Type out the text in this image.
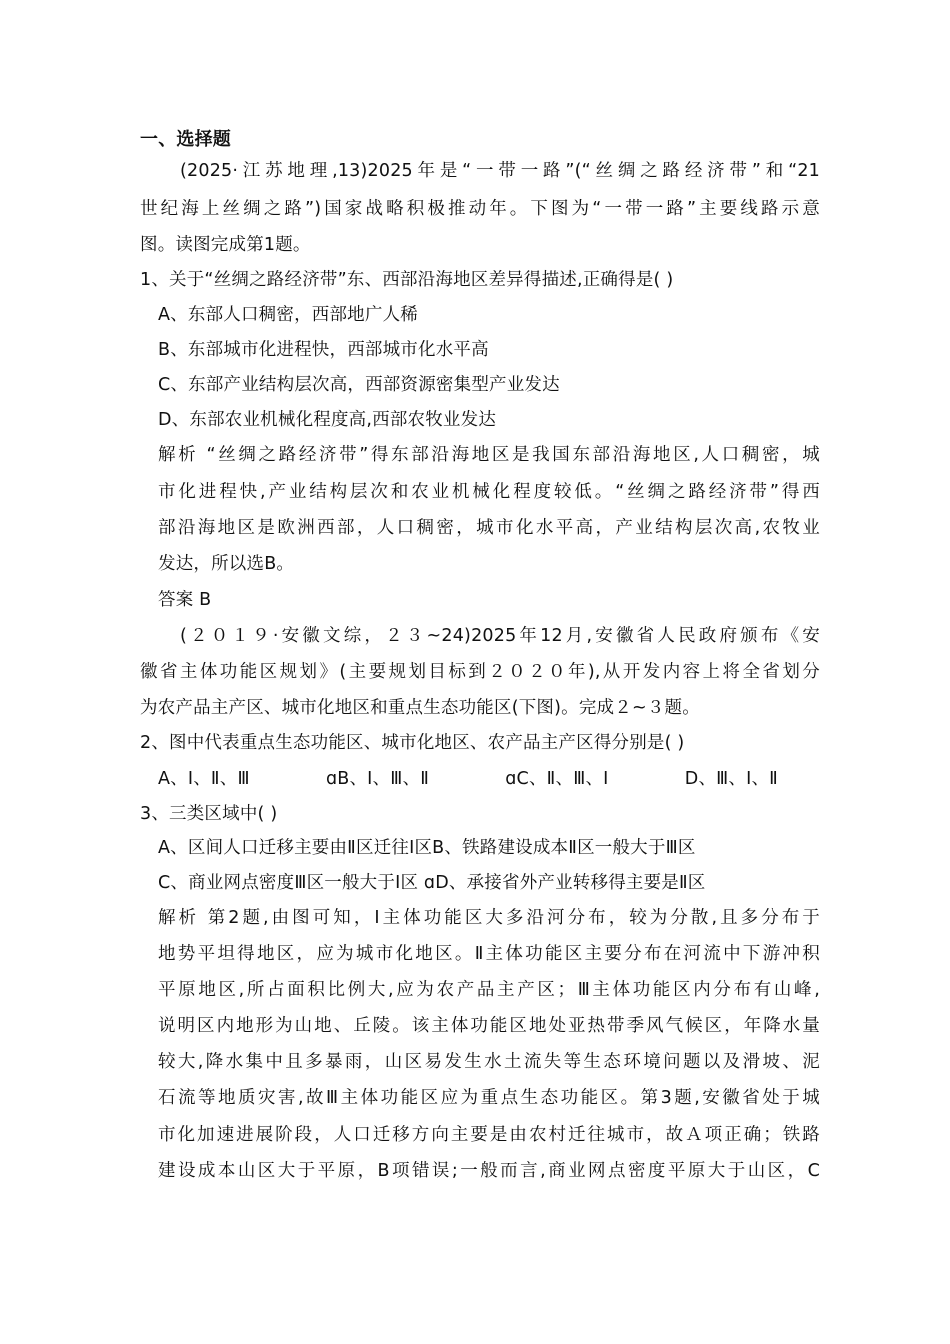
一、选择题
(2025·江苏地理,13)2025年是“一带一路”(“丝绸之路经济带”和“21
世纪海上丝绸之路”)国家战略积极推动年。下图为“一带一路”主要线路示意
图。读图完成第1题。
1、关于“丝绸之路经济带”东、西部沿海地区差异得描述,正确得是( )
A、东部人口稠密，西部地广人稀
B、东部城市化进程快，西部城市化水平高
C、东部产业结构层次高，西部资源密集型产业发达
D、东部农业机械化程度高,西部农牧业发达
解析 “丝绸之路经济带”得东部沿海地区是我国东部沿海地区,人口稠密，城
市化进程快,产业结构层次和农业机械化程度较低。“丝绸之路经济带”得西
部沿海地区是欧洲西部，人口稠密，城市化水平高，产业结构层次高,农牧业
发达，所以选B。
答案 B
(２０１９·安徽文综，２３~24)2025年12月,安徽省人民政府颁布《安
徽省主体功能区规划》(主要规划目标到２０２０年),从开发内容上将全省划分
为农产品主产区、城市化地区和重点生态功能区(下图)。完成２~３题。
2、图中代表重点生态功能区、城市化地区、农产品主产区得分别是( )
A、Ⅰ、Ⅱ、Ⅲ	ɑB、Ⅰ、Ⅲ、Ⅱ	ɑC、Ⅱ、Ⅲ、Ⅰ	D、Ⅲ、Ⅰ、Ⅱ
3、三类区域中( )
A、区间人口迁移主要由Ⅱ区迁往Ⅰ区B、铁路建设成本Ⅱ区一般大于Ⅲ区
C、商业网点密度Ⅲ区一般大于Ⅰ区 ɑD、承接省外产业转移得主要是Ⅱ区
解析 第2题,由图可知，Ⅰ主体功能区大多沿河分布，较为分散,且多分布于
地势平坦得地区，应为城市化地区。Ⅱ主体功能区主要分布在河流中下游冲积
平原地区,所占面积比例大,应为农产品主产区；Ⅲ主体功能区内分布有山峰,
说明区内地形为山地、丘陵。该主体功能区地处亚热带季风气候区，年降水量
较大,降水集中且多暴雨，山区易发生水土流失等生态环境问题以及滑坡、泥
石流等地质灾害,故Ⅲ主体功能区应为重点生态功能区。第3题,安徽省处于城
市化加速进展阶段，人口迁移方向主要是由农村迁往城市，故Ａ项正确；铁路
建设成本山区大于平原，B项错误;一般而言,商业网点密度平原大于山区，C
